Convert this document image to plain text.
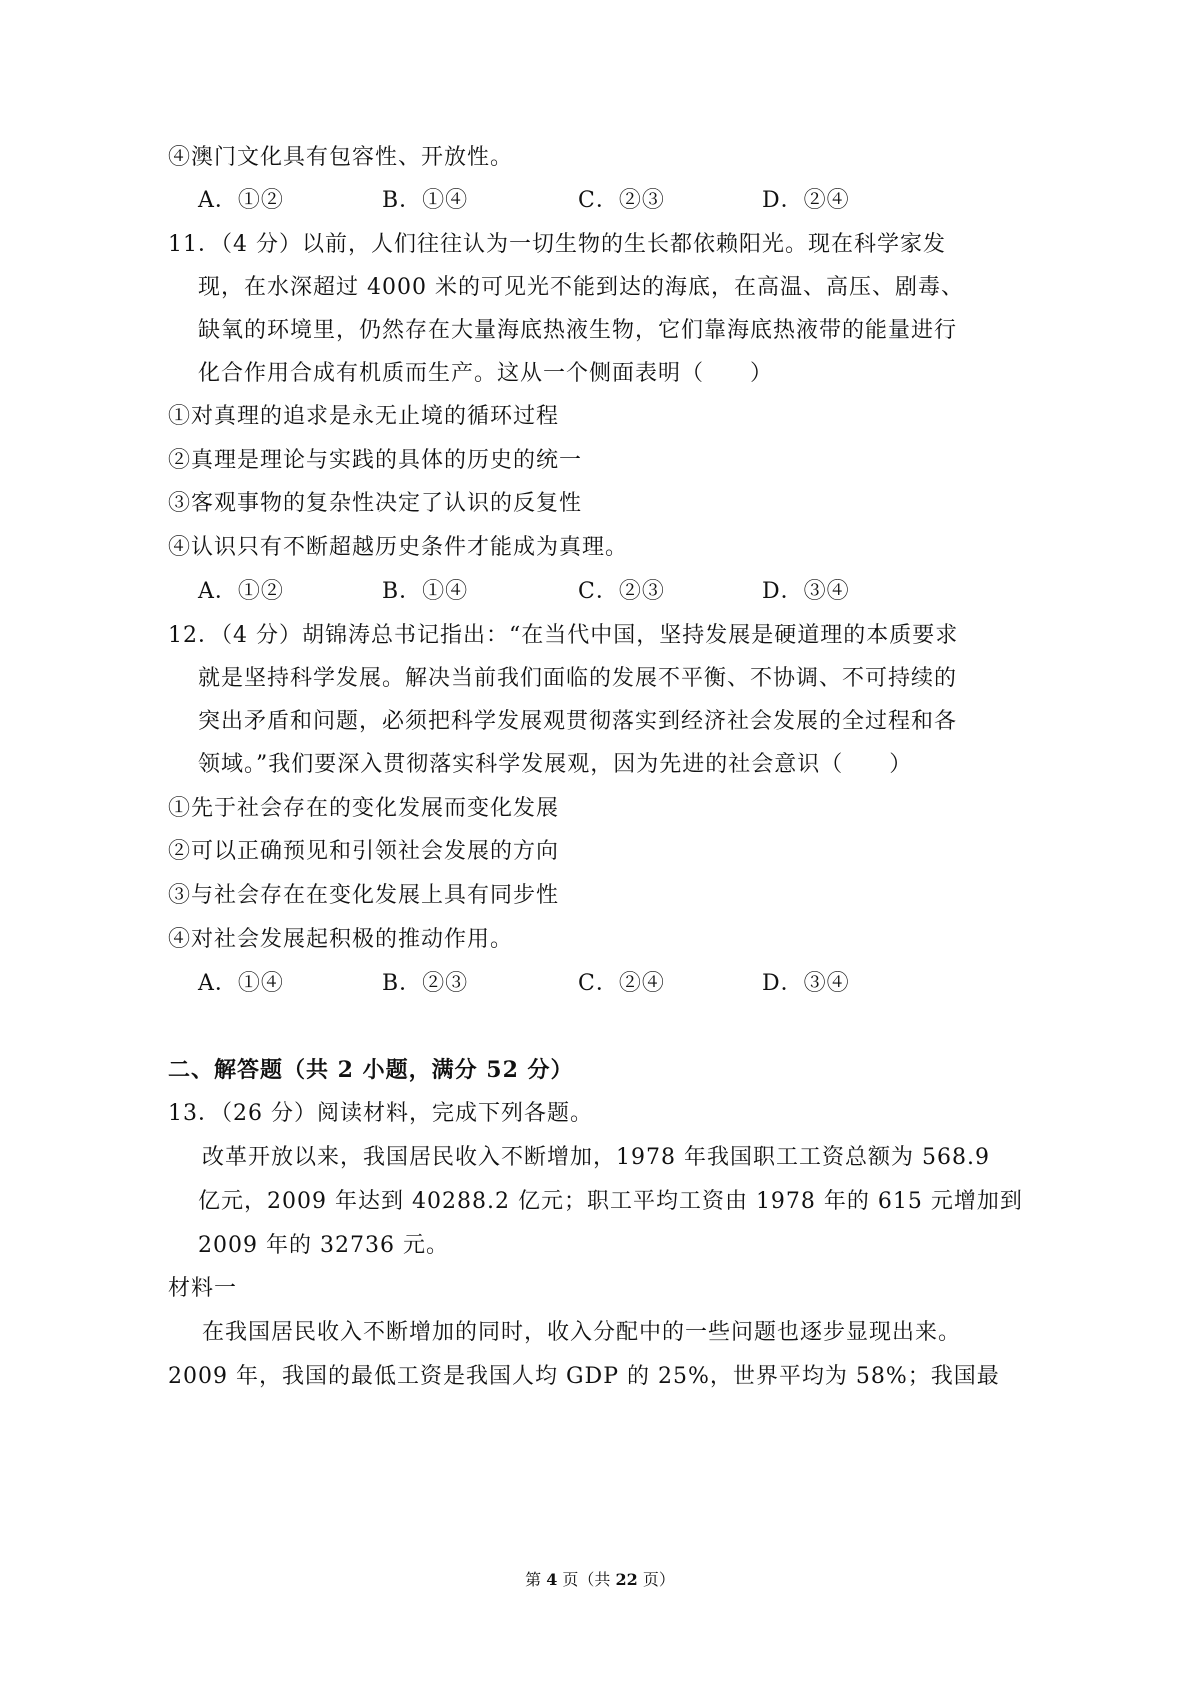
④澳门文化具有包容性、开放性。

A．①②	B．①④	C．②③	D．②④

11．（4 分）以前，人们往往认为一切生物的生长都依赖阳光。现在科学家发

现，在水深超过 4000 米的可见光不能到达的海底，在高温、高压、剧毒、

缺氧的环境里，仍然存在大量海底热液生物，它们靠海底热液带的能量进行

化合作用合成有机质而生产。这从一个侧面表明（　　）

①对真理的追求是永无止境的循环过程

②真理是理论与实践的具体的历史的统一

③客观事物的复杂性决定了认识的反复性

④认识只有不断超越历史条件才能成为真理。

A．①②	B．①④	C．②③	D．③④

12．（4 分）胡锦涛总书记指出：“在当代中国，坚持发展是硬道理的本质要求

就是坚持科学发展。解决当前我们面临的发展不平衡、不协调、不可持续的

突出矛盾和问题，必须把科学发展观贯彻落实到经济社会发展的全过程和各

领域。”我们要深入贯彻落实科学发展观，因为先进的社会意识（　　）

①先于社会存在的变化发展而变化发展

②可以正确预见和引领社会发展的方向

③与社会存在在变化发展上具有同步性

④对社会发展起积极的推动作用。

A．①④	B．②③	C．②④	D．③④

二、解答题（共 2 小题，满分 52 分）

13．（26 分）阅读材料，完成下列各题。

改革开放以来，我国居民收入不断增加，1978 年我国职工工资总额为 568.9

亿元，2009 年达到 40288.2 亿元；职工平均工资由 1978 年的 615 元增加到

2009 年的 32736 元。

材料一

在我国居民收入不断增加的同时，收入分配中的一些问题也逐步显现出来。

2009 年，我国的最低工资是我国人均 GDP 的 25%，世界平均为 58%；我国最

第 4 页（共 22 页）
